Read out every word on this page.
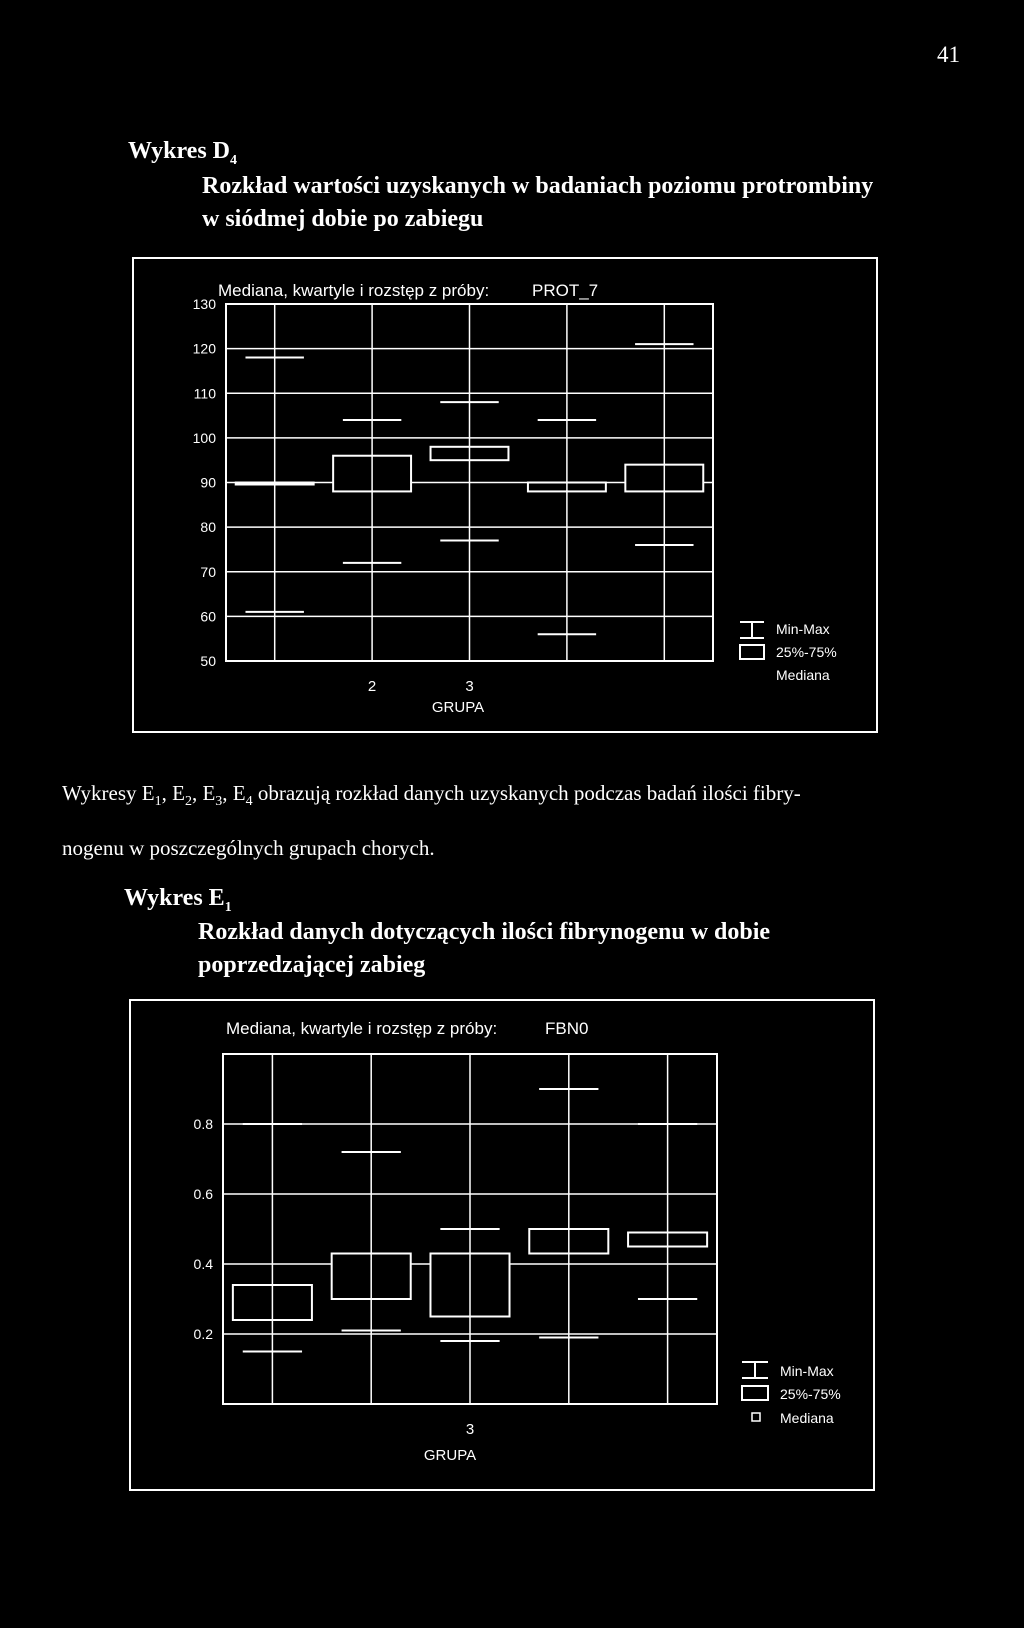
41
Wykres $D_4$
Rozkład wartości uzyskanych w badaniach poziomu protrombiny
w siódmej dobie po zabiegu
Mediana, kwartyle i rozstęp z próby:	PROT_7
GRUPA
130
120
110
100
90
80
70
60
50
2	3
Min-Max
25%-75%
Mediana
Wykresy $E_1$, $E_2$, $E_3$, $E_4$ obrazują rozkład danych uzyskanych podczas badań ilości fibry-
nogenu w poszczególnych grupach chorych.
Wykres $E_1$
Rozkład danych dotyczących ilości fibrynogenu w dobie
poprzedzającej zabieg
Mediana, kwartyle i rozstęp z próby:	FBN0
GRUPA
0.8
0.6
0.4
0.2
3
Min-Max
25%-75%
Mediana
